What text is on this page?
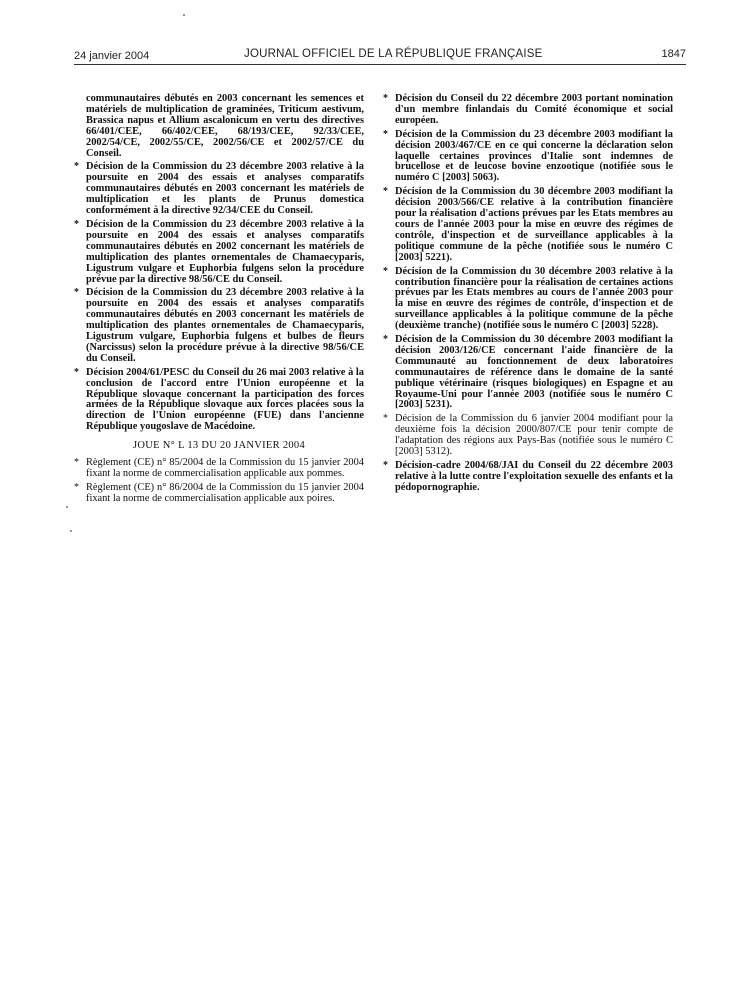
24 janvier 2004	JOURNAL OFFICIEL DE LA RÉPUBLIQUE FRANÇAISE	1847
communautaires débutés en 2003 concernant les semences et matériels de multiplication de graminées, Triticum aestivum, Brassica napus et Allium ascalonicum en vertu des directives 66/401/CEE, 66/402/CEE, 68/193/CEE, 92/33/CEE, 2002/54/CE, 2002/55/CE, 2002/56/CE et 2002/57/CE du Conseil.
* Décision de la Commission du 23 décembre 2003 relative à la poursuite en 2004 des essais et analyses comparatifs communautaires débutés en 2003 concernant les matériels de multiplication et les plants de Prunus domestica conformément à la directive 92/34/CEE du Conseil.
* Décision de la Commission du 23 décembre 2003 relative à la poursuite en 2004 des essais et analyses comparatifs communautaires débutés en 2002 concernant les matériels de multiplication des plantes ornementales de Chamaecyparis, Ligustrum vulgare et Euphorbia fulgens selon la procédure prévue par la directive 98/56/CE du Conseil.
* Décision de la Commission du 23 décembre 2003 relative à la poursuite en 2004 des essais et analyses comparatifs communautaires débutés en 2003 concernant les matériels de multiplication des plantes ornementales de Chamaecyparis, Ligustrum vulgare, Euphorbia fulgens et bulbes de fleurs (Narcissus) selon la procédure prévue à la directive 98/56/CE du Conseil.
* Décision 2004/61/PESC du Conseil du 26 mai 2003 relative à la conclusion de l'accord entre l'Union européenne et la République slovaque concernant la participation des forces armées de la République slovaque aux forces placées sous la direction de l'Union européenne (FUE) dans l'ancienne République yougoslave de Macédoine.
JOUE N° L 13 DU 20 JANVIER 2004
* Règlement (CE) n° 85/2004 de la Commission du 15 janvier 2004 fixant la norme de commercialisation applicable aux pommes.
* Règlement (CE) n° 86/2004 de la Commission du 15 janvier 2004 fixant la norme de commercialisation applicable aux poires.
* Décision du Conseil du 22 décembre 2003 portant nomination d'un membre finlandais du Comité économique et social européen.
* Décision de la Commission du 23 décembre 2003 modifiant la décision 2003/467/CE en ce qui concerne la déclaration selon laquelle certaines provinces d'Italie sont indemnes de brucellose et de leucose bovine enzootique (notifiée sous le numéro C [2003] 5063).
* Décision de la Commission du 30 décembre 2003 modifiant la décision 2003/566/CE relative à la contribution financière pour la réalisation d'actions prévues par les Etats membres au cours de l'année 2003 pour la mise en œuvre des régimes de contrôle, d'inspection et de surveillance applicables à la politique commune de la pêche (notifiée sous le numéro C [2003] 5221).
* Décision de la Commission du 30 décembre 2003 relative à la contribution financière pour la réalisation de certaines actions prévues par les Etats membres au cours de l'année 2003 pour la mise en œuvre des régimes de contrôle, d'inspection et de surveillance applicables à la politique commune de la pêche (deuxième tranche) (notifiée sous le numéro C [2003] 5228).
* Décision de la Commission du 30 décembre 2003 modifiant la décision 2003/126/CE concernant l'aide financière de la Communauté au fonctionnement de deux laboratoires communautaires de référence dans le domaine de la santé publique vétérinaire (risques biologiques) en Espagne et au Royaume-Uni pour l'année 2003 (notifiée sous le numéro C [2003] 5231).
* Décision de la Commission du 6 janvier 2004 modifiant pour la deuxième fois la décision 2000/807/CE pour tenir compte de l'adaptation des régions aux Pays-Bas (notifiée sous le numéro C [2003] 5312).
* Décision-cadre 2004/68/JAI du Conseil du 22 décembre 2003 relative à la lutte contre l'exploitation sexuelle des enfants et la pédopornographie.
